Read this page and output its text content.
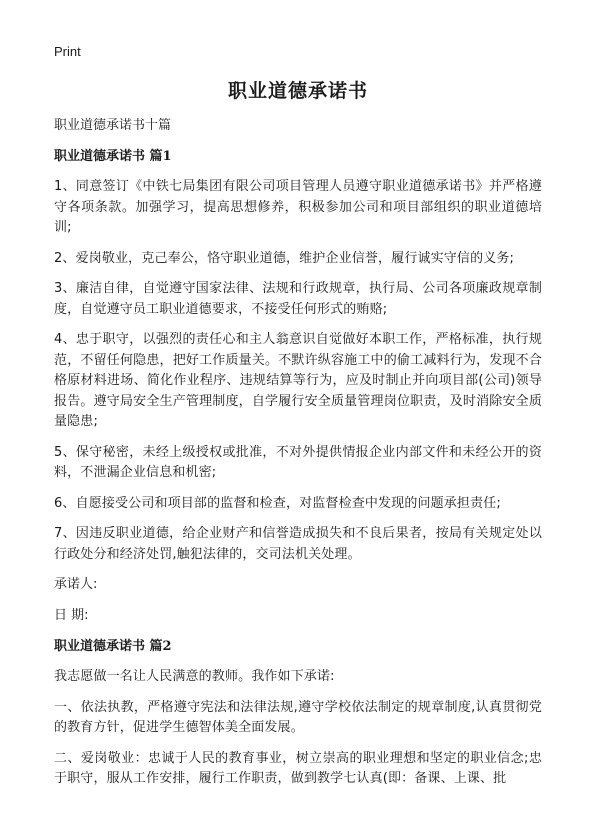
Print
职业道德承诺书
职业道德承诺书十篇
职业道德承诺书 篇1

1、同意签订《中铁七局集团有限公司项目管理人员遵守职业道德承诺书》并严格遵守各项条款。加强学习，提高思想修养，积极参加公司和项目部组织的职业道德培训;

2、爱岗敬业，克己奉公，恪守职业道德，维护企业信誉，履行诚实守信的义务;

3、廉洁自律，自觉遵守国家法律、法规和行政规章，执行局、公司各项廉政规章制度，自觉遵守员工职业道德要求，不接受任何形式的贿赂;

4、忠于职守，以强烈的责任心和主人翁意识自觉做好本职工作，严格标准，执行规范，不留任何隐患，把好工作质量关。不默许纵容施工中的偷工减料行为，发现不合格原材料进场、简化作业程序、违规结算等行为，应及时制止并向项目部(公司)领导报告。遵守局安全生产管理制度，自学履行安全质量管理岗位职责，及时消除安全质量隐患;

5、保守秘密，未经上级授权或批准，不对外提供情报企业内部文件和未经公开的资料，不泄漏企业信息和机密;

6、自愿接受公司和项目部的监督和检查，对监督检查中发现的问题承担责任;

7、因违反职业道德，给企业财产和信誉造成损失和不良后果者，按局有关规定处以行政处分和经济处罚,触犯法律的，交司法机关处理。

承诺人:
日 期:
职业道德承诺书 篇2

我志愿做一名让人民满意的教师。我作如下承诺:

一、依法执教，严格遵守宪法和法律法规,遵守学校依法制定的规章制度,认真贯彻党的教育方针，促进学生德智体美全面发展。

二、爱岗敬业：忠诚于人民的教育事业，树立崇高的职业理想和坚定的职业信念;忠于职守，服从工作安排，履行工作职责，做到教学七认真(即：备课、上课、批
